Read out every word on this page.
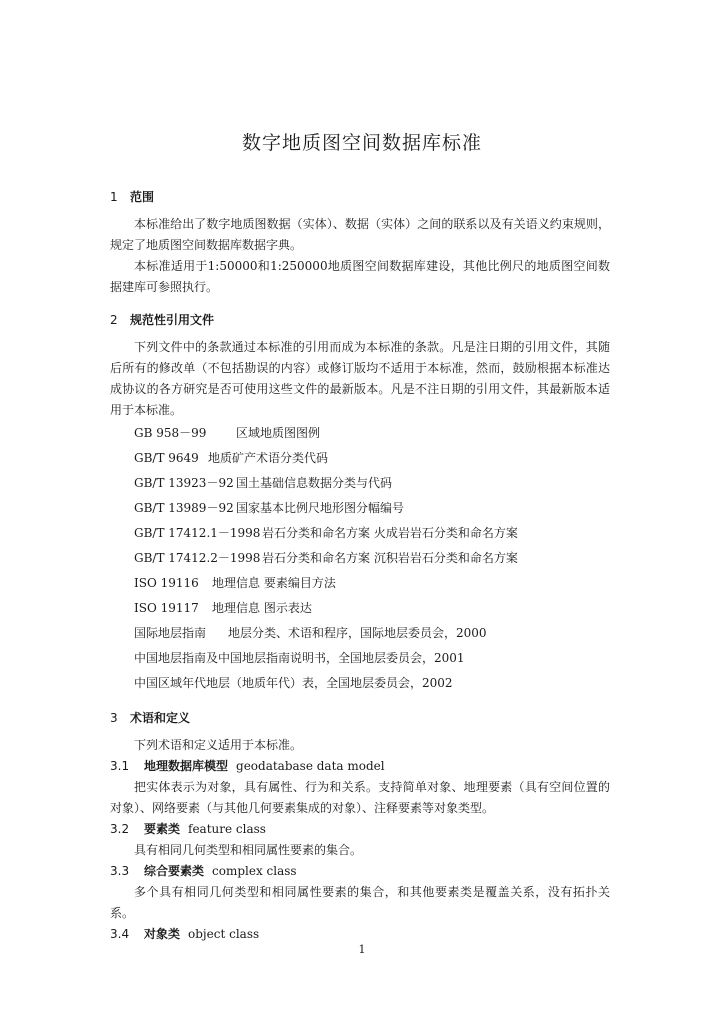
数字地质图空间数据库标准
1 范围

本标准给出了数字地质图数据（实体）、数据（实体）之间的联系以及有关语义约束规则，规定了地质图空间数据库数据字典。

本标准适用于1:50000和1:250000地质图空间数据库建设，其他比例尺的地质图空间数据建库可参照执行。

2 规范性引用文件

下列文件中的条款通过本标准的引用而成为本标准的条款。凡是注日期的引用文件，其随后所有的修改单（不包括勘误的内容）或修订版均不适用于本标准，然而，鼓励根据本标准达成协议的各方研究是否可使用这些文件的最新版本。凡是不注日期的引用文件，其最新版本适用于本标准。

GB 958－99 区域地质图图例
GB/T 9649 地质矿产术语分类代码
GB/T 13923－92 国土基础信息数据分类与代码
GB/T 13989－92 国家基本比例尺地形图分幅编号
GB/T 17412.1－1998 岩石分类和命名方案 火成岩岩石分类和命名方案
GB/T 17412.2－1998 岩石分类和命名方案 沉积岩岩石分类和命名方案
ISO 19116 地理信息 要素编目方法
ISO 19117 地理信息 图示表达
国际地层指南 地层分类、术语和程序，国际地层委员会，2000
中国地层指南及中国地层指南说明书，全国地层委员会，2001
中国区域年代地层（地质年代）表，全国地层委员会，2002
3 术语和定义

下列术语和定义适用于本标准。

3.1 地理数据库模型 geodatabase data model

把实体表示为对象，具有属性、行为和关系。支持简单对象、地理要素（具有空间位置的对象）、网络要素（与其他几何要素集成的对象）、注释要素等对象类型。

3.2 要素类 feature class

具有相同几何类型和相同属性要素的集合。

3.3 综合要素类 complex class

多个具有相同几何类型和相同属性要素的集合，和其他要素类是覆盖关系，没有拓扑关系。

3.4 对象类 object class
1
